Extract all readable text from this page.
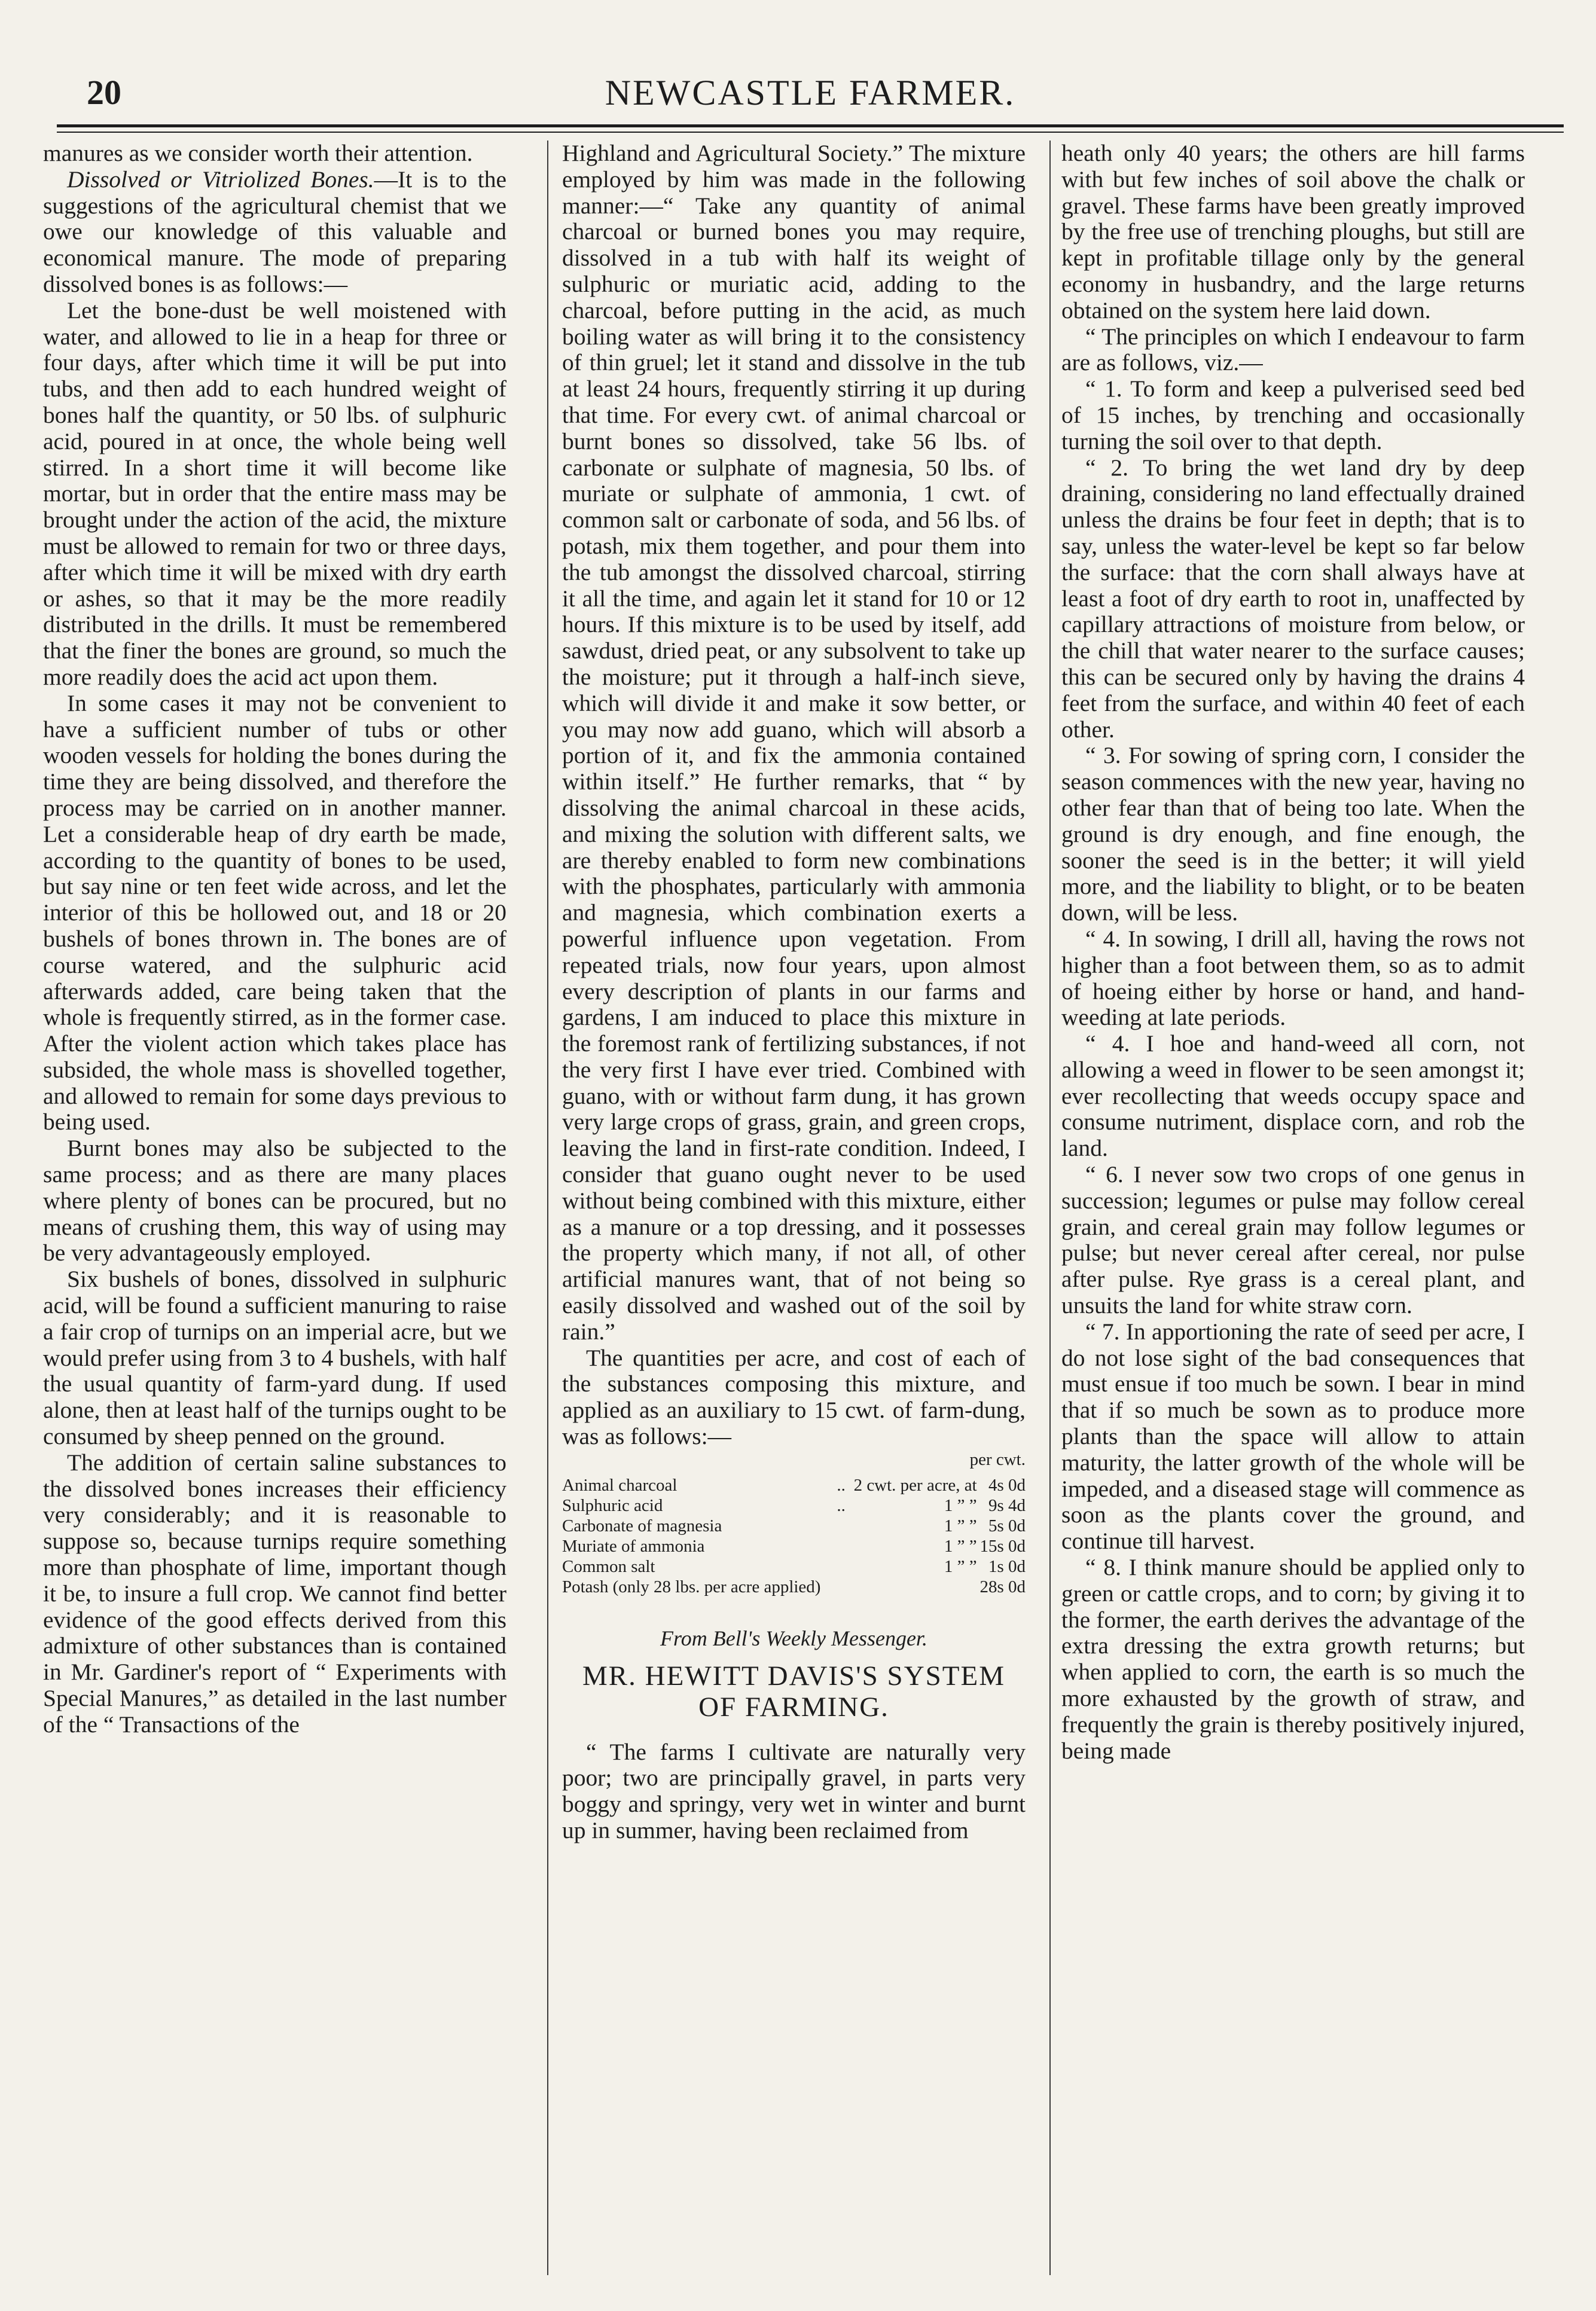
20	NEWCASTLE FARMER.

manures as we consider worth their attention.

Dissolved or Vitriolized Bones.—It is to the suggestions of the agricultural chemist that we owe our knowledge of this valuable and economical manure. The mode of preparing dissolved bones is as follows:—

Let the bone-dust be well moistened with water, and allowed to lie in a heap for three or four days, after which time it will be put into tubs, and then add to each hundred weight of bones half the quantity, or 50 lbs. of sulphuric acid, poured in at once, the whole being well stirred. In a short time it will become like mortar, but in order that the entire mass may be brought under the action of the acid, the mixture must be allowed to remain for two or three days, after which time it will be mixed with dry earth or ashes, so that it may be the more readily distributed in the drills. It must be remembered that the finer the bones are ground, so much the more readily does the acid act upon them.

In some cases it may not be convenient to have a sufficient number of tubs or other wooden vessels for holding the bones during the time they are being dissolved, and therefore the process may be carried on in another manner. Let a considerable heap of dry earth be made, according to the quantity of bones to be used, but say nine or ten feet wide across, and let the interior of this be hollowed out, and 18 or 20 bushels of bones thrown in. The bones are of course watered, and the sulphuric acid afterwards added, care being taken that the whole is frequently stirred, as in the former case. After the violent action which takes place has subsided, the whole mass is shovelled together, and allowed to remain for some days previous to being used.

Burnt bones may also be subjected to the same process; and as there are many places where plenty of bones can be procured, but no means of crushing them, this way of using may be very advantageously employed.

Six bushels of bones, dissolved in sulphuric acid, will be found a sufficient manuring to raise a fair crop of turnips on an imperial acre, but we would prefer using from 3 to 4 bushels, with half the usual quantity of farm-yard dung. If used alone, then at least half of the turnips ought to be consumed by sheep penned on the ground.

The addition of certain saline substances to the dissolved bones increases their efficiency very considerably; and it is reasonable to suppose so, because turnips require something more than phosphate of lime, important though it be, to insure a full crop. We cannot find better evidence of the good effects derived from this admixture of other substances than is contained in Mr. Gardiner's report of “ Experiments with Special Manures,” as detailed in the last number of the “ Transactions of the

Highland and Agricultural Society.” The mixture employed by him was made in the following manner:—“ Take any quantity of animal charcoal or burned bones you may require, dissolved in a tub with half its weight of sulphuric or muriatic acid, adding to the charcoal, before putting in the acid, as much boiling water as will bring it to the consistency of thin gruel; let it stand and dissolve in the tub at least 24 hours, frequently stirring it up during that time. For every cwt. of animal charcoal or burnt bones so dissolved, take 56 lbs. of carbonate or sulphate of magnesia, 50 lbs. of muriate or sulphate of ammonia, 1 cwt. of common salt or carbonate of soda, and 56 lbs. of potash, mix them together, and pour them into the tub amongst the dissolved charcoal, stirring it all the time, and again let it stand for 10 or 12 hours. If this mixture is to be used by itself, add sawdust, dried peat, or any subsolvent to take up the moisture; put it through a half-inch sieve, which will divide it and make it sow better, or you may now add guano, which will absorb a portion of it, and fix the ammonia contained within itself.” He further remarks, that “ by dissolving the animal charcoal in these acids, and mixing the solution with different salts, we are thereby enabled to form new combinations with the phosphates, particularly with ammonia and magnesia, which combination exerts a powerful influence upon vegetation. From repeated trials, now four years, upon almost every description of plants in our farms and gardens, I am induced to place this mixture in the foremost rank of fertilizing substances, if not the very first I have ever tried. Combined with guano, with or without farm dung, it has grown very large crops of grass, grain, and green crops, leaving the land in first-rate condition. Indeed, I consider that guano ought never to be used without being combined with this mixture, either as a manure or a top dressing, and it possesses the property which many, if not all, of other artificial manures want, that of not being so easily dissolved and washed out of the soil by rain.”

The quantities per acre, and cost of each of the substances composing this mixture, and applied as an auxiliary to 15 cwt. of farm-dung, was as follows:—

per cwt.
Animal charcoal	..	2 cwt. per acre, at	4s 0d
Sulphuric acid	..	1 ” ”	9s 4d
Carbonate of magnesia		1 ” ”	5s 0d
Muriate of ammonia		1 ” ”	15s 0d
Common salt		1 ” ”	1s 0d
Potash (only 28 lbs. per acre applied)			28s 0d

From Bell's Weekly Messenger.

MR. HEWITT DAVIS'S SYSTEM OF FARMING.

“ The farms I cultivate are naturally very poor; two are principally gravel, in parts very boggy and springy, very wet in winter and burnt up in summer, having been reclaimed from

heath only 40 years; the others are hill farms with but few inches of soil above the chalk or gravel. These farms have been greatly improved by the free use of trenching ploughs, but still are kept in profitable tillage only by the general economy in husbandry, and the large returns obtained on the system here laid down.

“ The principles on which I endeavour to farm are as follows, viz.—

“ 1. To form and keep a pulverised seed bed of 15 inches, by trenching and occasionally turning the soil over to that depth.

“ 2. To bring the wet land dry by deep draining, considering no land effectually drained unless the drains be four feet in depth; that is to say, unless the water-level be kept so far below the surface: that the corn shall always have at least a foot of dry earth to root in, unaffected by capillary attractions of moisture from below, or the chill that water nearer to the surface causes; this can be secured only by having the drains 4 feet from the surface, and within 40 feet of each other.

“ 3. For sowing of spring corn, I consider the season commences with the new year, having no other fear than that of being too late. When the ground is dry enough, and fine enough, the sooner the seed is in the better; it will yield more, and the liability to blight, or to be beaten down, will be less.

“ 4. In sowing, I drill all, having the rows not higher than a foot between them, so as to admit of hoeing either by horse or hand, and hand-weeding at late periods.

“ 4. I hoe and hand-weed all corn, not allowing a weed in flower to be seen amongst it; ever recollecting that weeds occupy space and consume nutriment, displace corn, and rob the land.

“ 6. I never sow two crops of one genus in succession; legumes or pulse may follow cereal grain, and cereal grain may follow legumes or pulse; but never cereal after cereal, nor pulse after pulse. Rye grass is a cereal plant, and unsuits the land for white straw corn.

“ 7. In apportioning the rate of seed per acre, I do not lose sight of the bad consequences that must ensue if too much be sown. I bear in mind that if so much be sown as to produce more plants than the space will allow to attain maturity, the latter growth of the whole will be impeded, and a diseased stage will commence as soon as the plants cover the ground, and continue till harvest.

“ 8. I think manure should be applied only to green or cattle crops, and to corn; by giving it to the former, the earth derives the advantage of the extra dressing the extra growth returns; but when applied to corn, the earth is so much the more exhausted by the growth of straw, and frequently the grain is thereby positively injured, being made
